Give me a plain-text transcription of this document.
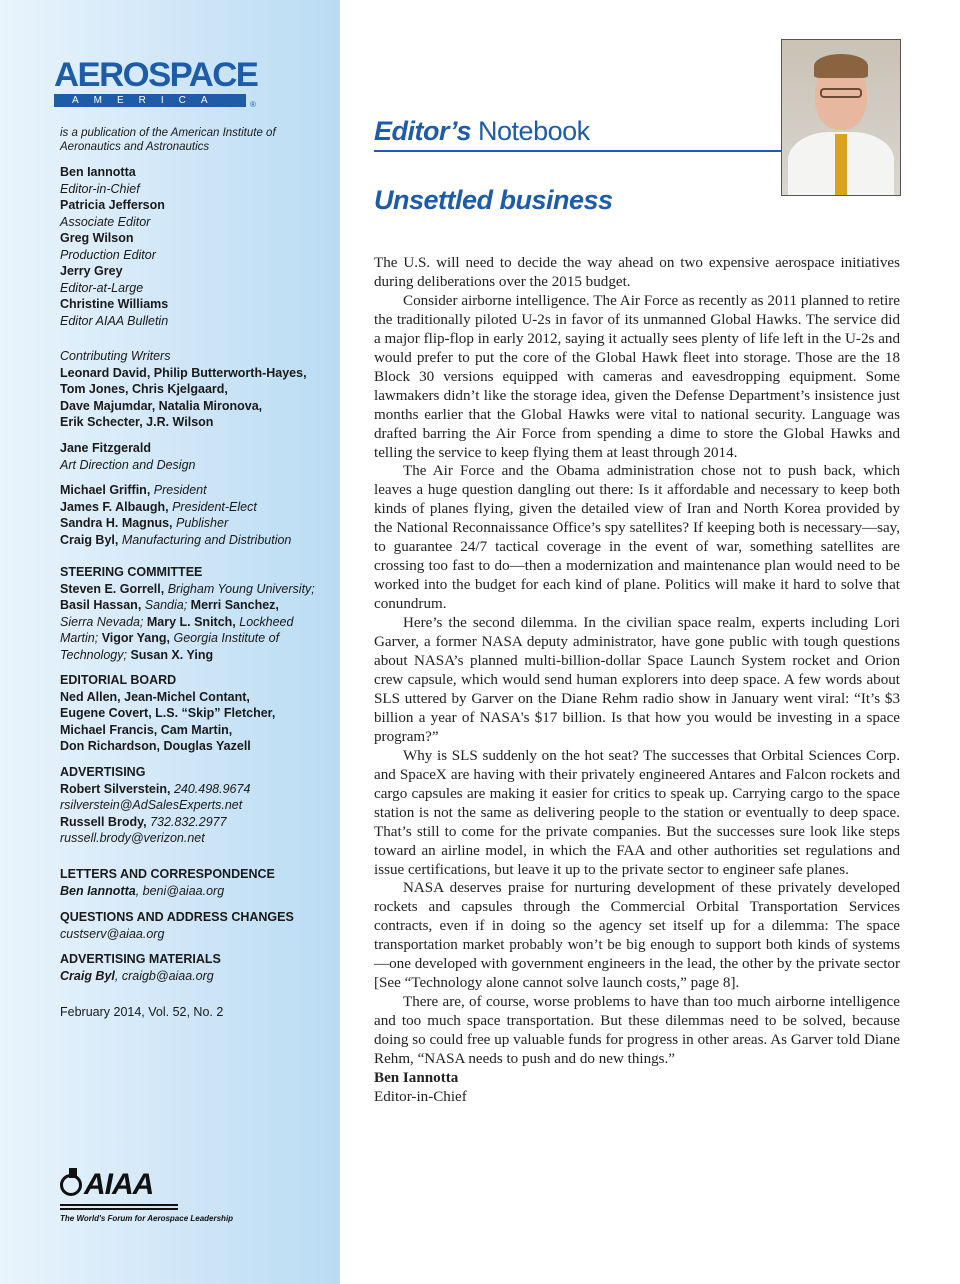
AEROSPACE
AMERICA	®
is a publication of the American Institute of Aeronautics and Astronautics
Ben Iannotta
Editor-in-Chief
Patricia Jefferson
Associate Editor
Greg Wilson
Production Editor
Jerry Grey
Editor-at-Large
Christine Williams
Editor AIAA Bulletin
Contributing Writers
Leonard David, Philip Butterworth-Hayes,
Tom Jones, Chris Kjelgaard,
Dave Majumdar, Natalia Mironova,
Erik Schecter, J.R. Wilson
Jane Fitzgerald
Art Direction and Design
Michael Griffin, President
James F. Albaugh, President-Elect
Sandra H. Magnus, Publisher
Craig Byl, Manufacturing and Distribution
STEERING COMMITTEE
Steven E. Gorrell, Brigham Young University;
Basil Hassan, Sandia; Merri Sanchez,
Sierra Nevada; Mary L. Snitch, Lockheed
Martin; Vigor Yang, Georgia Institute of
Technology; Susan X. Ying
EDITORIAL BOARD
Ned Allen, Jean-Michel Contant,
Eugene Covert, L.S. “Skip” Fletcher,
Michael Francis, Cam Martin,
Don Richardson, Douglas Yazell
ADVERTISING
Robert Silverstein, 240.498.9674
rsilverstein@AdSalesExperts.net
Russell Brody, 732.832.2977
russell.brody@verizon.net
LETTERS AND CORRESPONDENCE
Ben Iannotta, beni@aiaa.org
QUESTIONS AND ADDRESS CHANGES
custserv@aiaa.org
ADVERTISING MATERIALS
Craig Byl, craigb@aiaa.org
February 2014, Vol. 52, No. 2
AIAA
The World's Forum for Aerospace Leadership
Editor’s Notebook
Unsettled business

The U.S. will need to decide the way ahead on two expensive aerospace initiatives during deliberations over the 2015 budget.

Consider airborne intelligence. The Air Force as recently as 2011 planned to retire the traditionally piloted U-2s in favor of its unmanned Global Hawks. The service did a major flip-flop in early 2012, saying it actually sees plenty of life left in the U-2s and would prefer to put the core of the Global Hawk fleet into storage. Those are the 18 Block 30 versions equipped with cameras and eavesdropping equipment. Some lawmakers didn’t like the storage idea, given the Defense Department’s insistence just months earlier that the Global Hawks were vital to national security. Language was drafted barring the Air Force from spending a dime to store the Global Hawks and telling the service to keep flying them at least through 2014.

The Air Force and the Obama administration chose not to push back, which leaves a huge question dangling out there: Is it affordable and necessary to keep both kinds of planes flying, given the detailed view of Iran and North Korea provided by the National Reconnaissance Office’s spy satellites? If keeping both is necessary—say, to guarantee 24/7 tactical coverage in the event of war, something satellites are crossing too fast to do—then a modernization and maintenance plan would need to be worked into the budget for each kind of plane. Politics will make it hard to solve that conundrum.

Here’s the second dilemma. In the civilian space realm, experts including Lori Garver, a former NASA deputy administrator, have gone public with tough questions about NASA’s planned multi-billion-dollar Space Launch System rocket and Orion crew capsule, which would send human explorers into deep space. A few words about SLS uttered by Garver on the Diane Rehm radio show in January went viral: “It’s $3 billion a year of NASA's $17 billion. Is that how you would be investing in a space program?”

Why is SLS suddenly on the hot seat? The successes that Orbital Sciences Corp. and SpaceX are having with their privately engineered Antares and Falcon rockets and cargo capsules are making it easier for critics to speak up. Carrying cargo to the space station is not the same as delivering people to the station or eventually to deep space. That’s still to come for the private companies. But the successes sure look like steps toward an airline model, in which the FAA and other authorities set regulations and issue certifications, but leave it up to the private sector to engineer safe planes.

NASA deserves praise for nurturing development of these privately developed rockets and capsules through the Commercial Orbital Transportation Services contracts, even if in doing so the agency set itself up for a dilemma: The space transportation market probably won’t be big enough to support both kinds of systems—one developed with government engineers in the lead, the other by the private sector [See “Technology alone cannot solve launch costs,” page 8].

There are, of course, worse problems to have than too much airborne intelligence and too much space transportation. But these dilemmas need to be solved, because doing so could free up valuable funds for progress in other areas. As Garver told Diane Rehm, “NASA needs to push and do new things.”

Ben Iannotta

Editor-in-Chief
